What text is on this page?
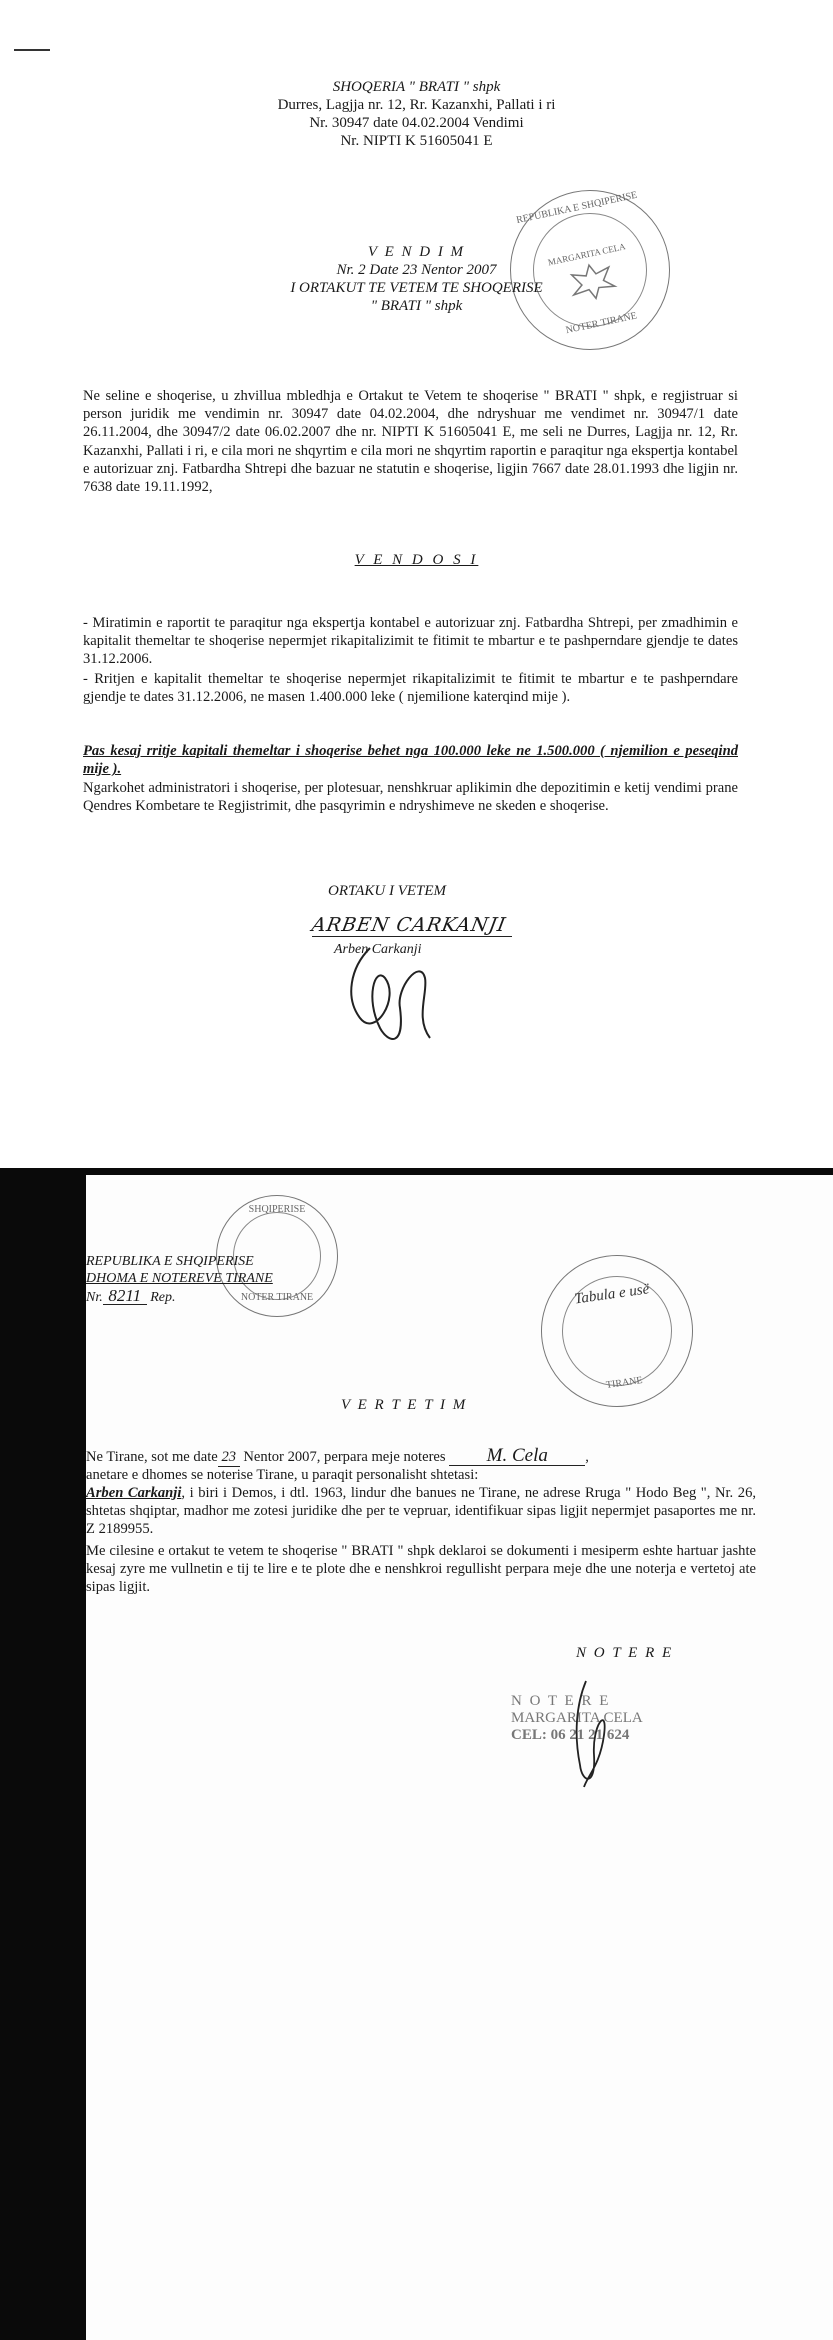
SHOQERIA " BRATI " shpk
Durres, Lagjja nr. 12, Rr. Kazanxhi, Pallati i ri
Nr. 30947 date 04.02.2004 Vendimi
Nr. NIPTI K 51605041 E
REPUBLIKA E SHQIPERISE
MARGARITA CELA
NOTER TIRANE
V E N D I M
Nr. 2 Date 23 Nentor 2007
I ORTAKUT TE VETEM TE SHOQERISE
" BRATI " shpk
Ne seline e shoqerise, u zhvillua mbledhja e Ortakut te Vetem te shoqerise " BRATI " shpk, e regjistruar si person juridik me vendimin nr. 30947 date 04.02.2004, dhe ndryshuar me vendimet nr. 30947/1 date 26.11.2004, dhe 30947/2 date 06.02.2007 dhe nr. NIPTI K 51605041 E, me seli ne Durres, Lagjja nr. 12, Rr. Kazanxhi, Pallati i ri, e cila mori ne shqyrtim e cila mori ne shqyrtim raportin e paraqitur nga ekspertja kontabel e autorizuar znj. Fatbardha Shtrepi dhe bazuar ne statutin e shoqerise, ligjin 7667 date 28.01.1993 dhe ligjin nr. 7638 date 19.11.1992,
V E N D O S I
- Miratimin e raportit te paraqitur nga ekspertja kontabel e autorizuar znj. Fatbardha Shtrepi, per zmadhimin e kapitalit themeltar te shoqerise nepermjet rikapitalizimit te fitimit te mbartur e te pashperndare gjendje te dates 31.12.2006.
- Rritjen e kapitalit themeltar te shoqerise nepermjet rikapitalizimit te fitimit te mbartur e te pashperndare gjendje te dates 31.12.2006, ne masen 1.400.000 leke ( njemilione katerqind mije ).
Pas kesaj rritje kapitali themeltar i shoqerise behet nga 100.000 leke ne 1.500.000 ( njemilion e peseqind mije ).
Ngarkohet administratori i shoqerise, per plotesuar, nenshkruar aplikimin dhe depozitimin e ketij vendimi prane Qendres Kombetare te Regjistrimit, dhe pasqyrimin e ndryshimeve ne skeden e shoqerise.
ORTAKU I VETEM
ARBEN CARKANJI
Arben Carkanji
SHQIPERISE
NOTER TIRANE
REPUBLIKA E SHQIPERISE
DHOMA E NOTEREVE TIRANE
Nr. 8211 Rep.	Tabula e usë
TIRANE
V E R T E T I M
Ne Tirane, sot me date 23 Nentor 2007, perpara meje noteres M. Cela	,
anetare e dhomes se noterise Tirane, u paraqit personalisht shtetasi:
Arben Carkanji, i biri i Demos, i dtl. 1963, lindur dhe banues ne Tirane, ne adrese Rruga " Hodo Beg ", Nr. 26, shtetas shqiptar, madhor me zotesi juridike dhe per te vepruar, identifikuar sipas ligjit nepermjet pasaportes me nr. Z 2189955.
Me cilesine e ortakut te vetem te shoqerise " BRATI " shpk deklaroi se dokumenti i mesiperm eshte hartuar jashte kesaj zyre me vullnetin e tij te lire e te plote dhe e nenshkroi regullisht perpara meje dhe une noterja e vertetoj ate sipas ligjit.
N O T E R E
N O T E R E
MARGARITA CELA
CEL: 06 21 21 624
